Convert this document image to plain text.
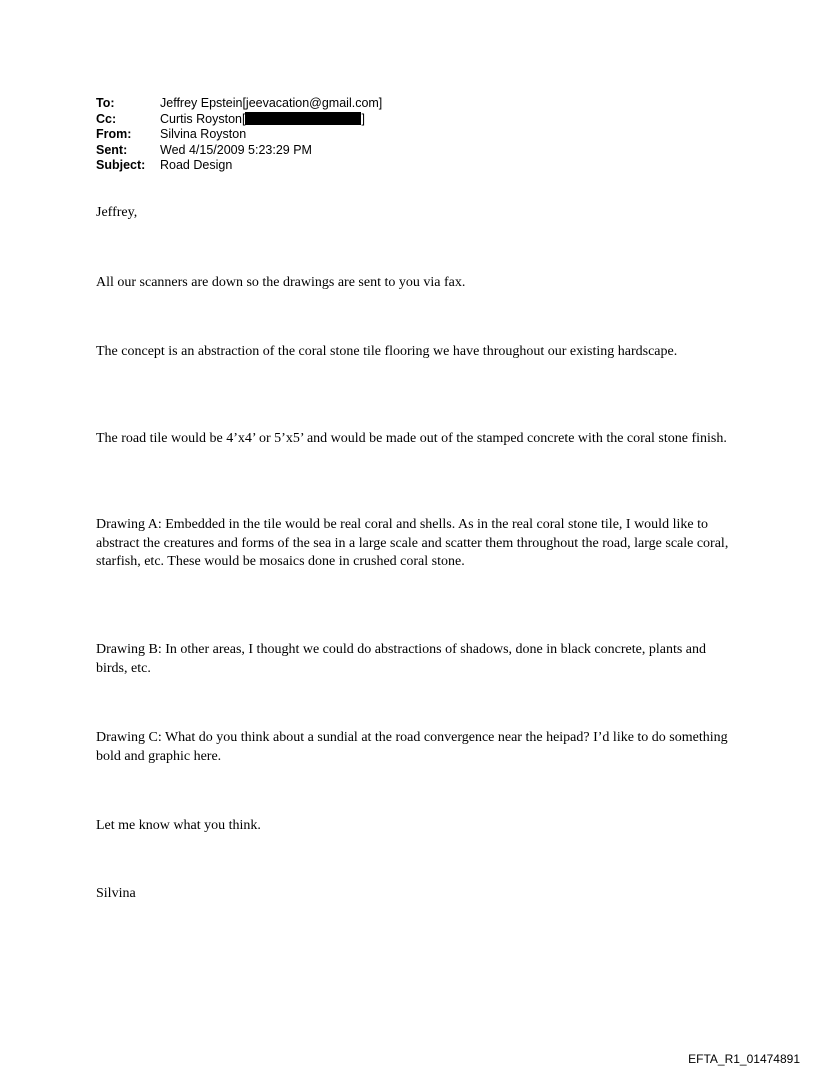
To:	Jeffrey Epstein[jeevacation@gmail.com]
Cc:	Curtis Royston[	]
From:	Silvina Royston
Sent:	Wed 4/15/2009 5:23:29 PM
Subject:	Road Design

Jeffrey,

All our scanners are down so the drawings are sent to you via fax.

The concept is an abstraction of the coral stone tile flooring we have throughout our existing hardscape.

The road tile would be 4’x4’ or 5’x5’ and would be made out of the stamped concrete with the coral stone finish.

Drawing A: Embedded in the tile would be real coral and shells. As in the real coral stone tile, I would like to abstract the creatures and forms of the sea in a large scale and scatter them throughout the road, large scale coral, starfish, etc. These would be mosaics done in crushed coral stone.

Drawing B: In other areas, I thought we could do abstractions of shadows, done in black concrete, plants and birds, etc.

Drawing C: What do you think about a sundial at the road convergence near the heipad? I’d like to do something bold and graphic here.

Let me know what you think.

Silvina

EFTA_R1_01474891
